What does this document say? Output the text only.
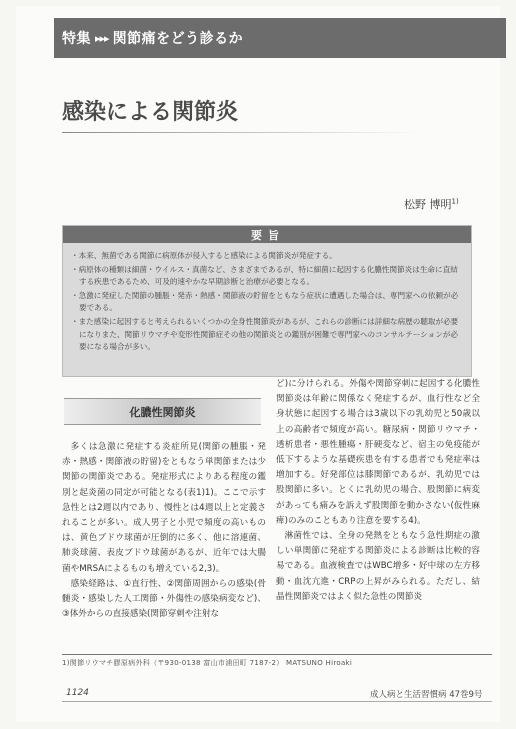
特集 ▸▸▸ 関節痛をどう診るか
感染による関節炎
松野 博明$^{1)}$
要旨
・本来、無菌である関節に病原体が侵入すると感染による関節炎が発症する。
・病原体の種類は細菌・ウイルス・真菌など、さまざまであるが、特に細菌に起因する化膿性関節炎は生命に直結する疾患であるため、可及的速やかな早期診断と治療が必要となる。
・急激に発症した関節の腫脹・発赤・熱感・関節液の貯留をともなう症状に遭遇した場合は、専門家への依頼が必要である。
・また感染に起因すると考えられるいくつかの全身性関節炎があるが、これらの診断には詳細な病歴の聴取が必要になりまた、関節リウマチや変形性関節症その他の関節炎との鑑別が困難で専門家へのコンサルテーションが必要になる場合が多い。
化膿性関節炎

多くは急激に発症する炎症所見(関節の腫脹・発赤・熱感・関節液の貯留)をともなう単関節または少関節の関節炎である。発症形式によりある程度の鑑別と起炎菌の同定が可能となる(表1)1)。ここで示す急性とは2週以内であり、慢性とは4週以上と定義されることが多い。成人男子と小児で頻度の高いものは、黄色ブドウ球菌が圧倒的に多く、他に溶連菌、肺炎球菌、表皮ブドウ球菌があるが、近年では大腸菌やMRSAによるものも増えている2,3)。

感染経路は、①直行性、②関節周囲からの感染(骨髄炎・感染した人工関節・外傷性の感染病変など)、③体外からの直接感染(関節穿刺や注射な

ど)に分けられる。外傷や関節穿刺に起因する化膿性関節炎は年齢に関係なく発症するが、血行性など全身状態に起因する場合は3歳以下の乳幼児と50歳以上の高齢者で頻度が高い。糖尿病・関節リウマチ・透析患者・悪性腫瘍・肝硬変など、宿主の免疫能が低下するような基礎疾患を有する患者でも発症率は増加する。好発部位は膝関節であるが、乳幼児では股関節に多い。とくに乳幼児の場合、股関節に病変があっても痛みを訴えず股関節を動かさない(仮性麻痺)のみのこともあり注意を要する4)。

淋菌性では、全身の発熱をともなう急性期症の激しい単関節に発症する関節炎による診断は比較的容易である。血液検査ではWBC増多・好中球の左方移動・血沈亢進・CRPの上昇がみられる。ただし、結晶性関節炎ではよく似た急性の関節炎

1)関節リウマチ膠原病外科（〒930-0138 富山市浦田町 7187-2） MATSUNO Hiroaki
1124	成人病と生活習慣病 47巻9号
